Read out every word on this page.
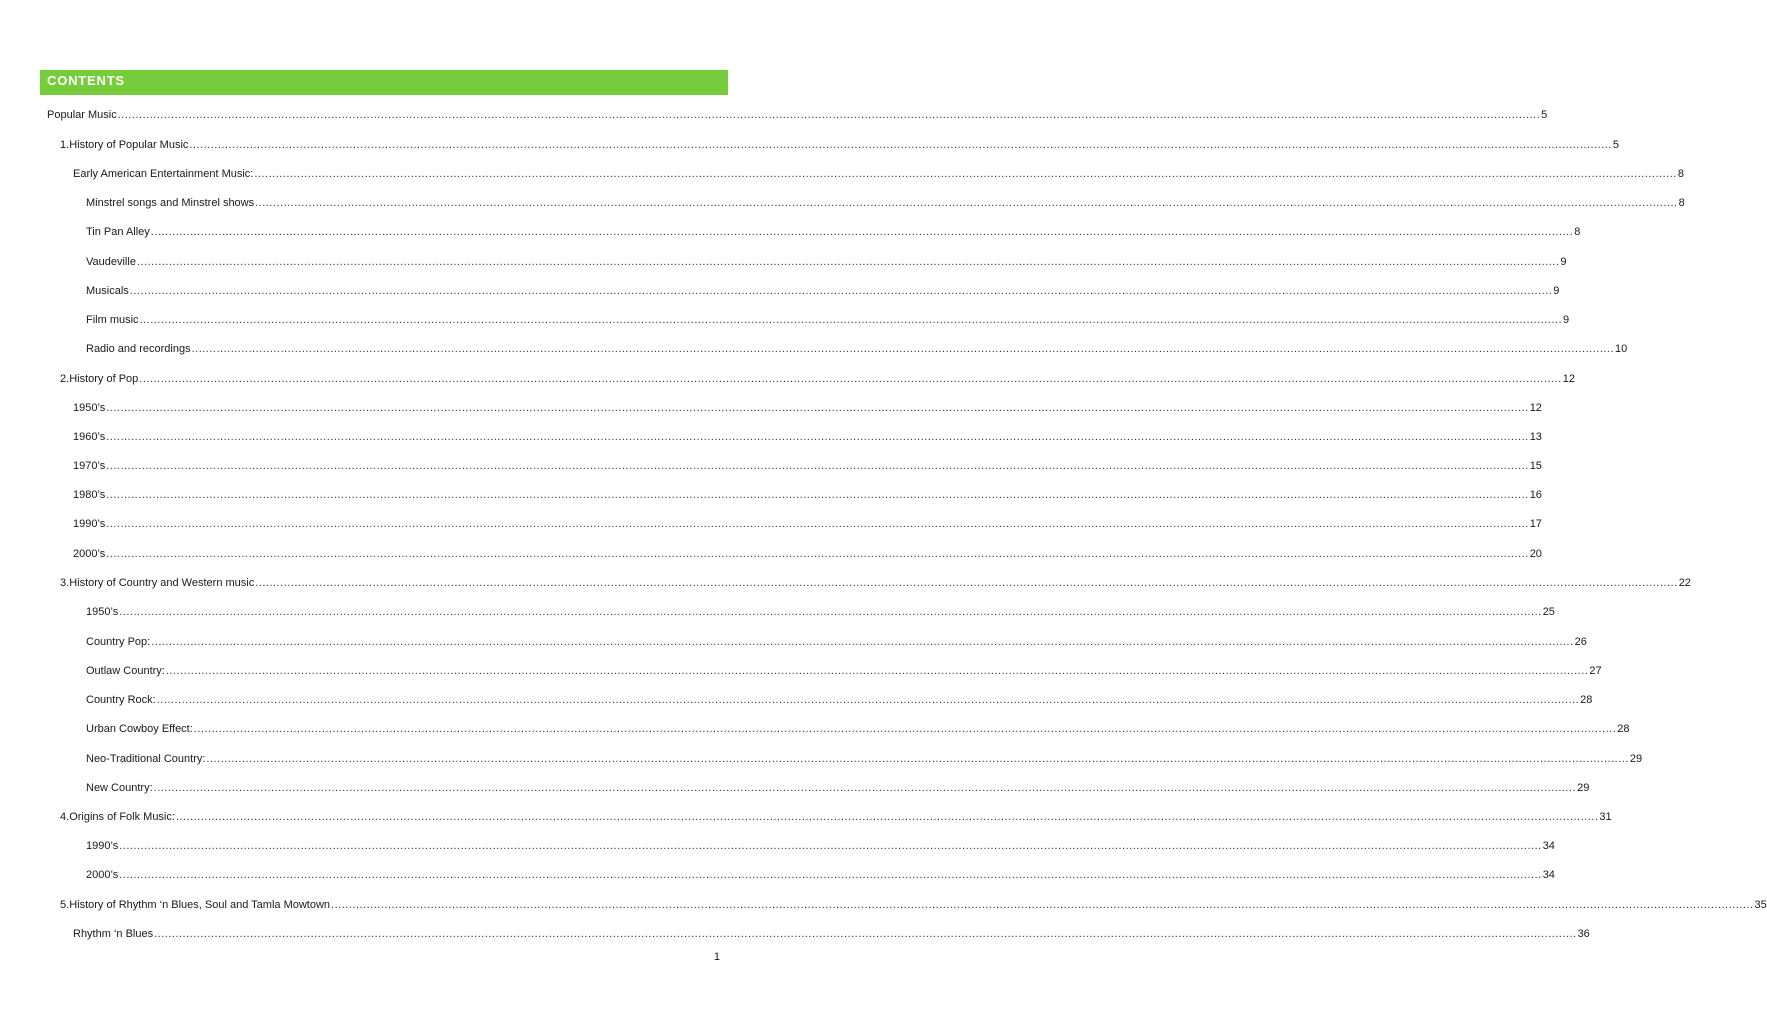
CONTENTS
Popular Music ................................................................................................................................................................................................................................................................................................................................................................................................................ 5
1. History of Popular Music ................................................................................................................................................................................................................................................................................................................................................................................................................ 5
Early American Entertainment Music: ................................................................................................................................................................................................................................................................................................................................................................................................................ 8
Minstrel songs and Minstrel shows ................................................................................................................................................................................................................................................................................................................................................................................................................ 8
Tin Pan Alley ................................................................................................................................................................................................................................................................................................................................................................................................................ 8
Vaudeville ................................................................................................................................................................................................................................................................................................................................................................................................................ 9
Musicals ................................................................................................................................................................................................................................................................................................................................................................................................................ 9
Film music ................................................................................................................................................................................................................................................................................................................................................................................................................ 9
Radio and recordings ................................................................................................................................................................................................................................................................................................................................................................................................................ 10
2. History of Pop ................................................................................................................................................................................................................................................................................................................................................................................................................ 12
1950’s ................................................................................................................................................................................................................................................................................................................................................................................................................ 12
1960’s ................................................................................................................................................................................................................................................................................................................................................................................................................ 13
1970’s ................................................................................................................................................................................................................................................................................................................................................................................................................ 15
1980’s ................................................................................................................................................................................................................................................................................................................................................................................................................ 16
1990’s ................................................................................................................................................................................................................................................................................................................................................................................................................ 17
2000’s ................................................................................................................................................................................................................................................................................................................................................................................................................ 20
3. History of Country and Western music ................................................................................................................................................................................................................................................................................................................................................................................................................ 22
1950’s ................................................................................................................................................................................................................................................................................................................................................................................................................ 25
Country Pop: ................................................................................................................................................................................................................................................................................................................................................................................................................ 26
Outlaw Country: ................................................................................................................................................................................................................................................................................................................................................................................................................ 27
Country Rock: ................................................................................................................................................................................................................................................................................................................................................................................................................ 28
Urban Cowboy Effect: ................................................................................................................................................................................................................................................................................................................................................................................................................ 28
Neo-Traditional Country: ................................................................................................................................................................................................................................................................................................................................................................................................................ 29
New Country: ................................................................................................................................................................................................................................................................................................................................................................................................................ 29
4. Origins of Folk Music: ................................................................................................................................................................................................................................................................................................................................................................................................................ 31
1990’s ................................................................................................................................................................................................................................................................................................................................................................................................................ 34
2000’s ................................................................................................................................................................................................................................................................................................................................................................................................................ 34
5. History of Rhythm ‘n Blues, Soul and Tamla Mowtown ................................................................................................................................................................................................................................................................................................................................................................................................................ 35
Rhythm ‘n Blues ................................................................................................................................................................................................................................................................................................................................................................................................................ 36
1
